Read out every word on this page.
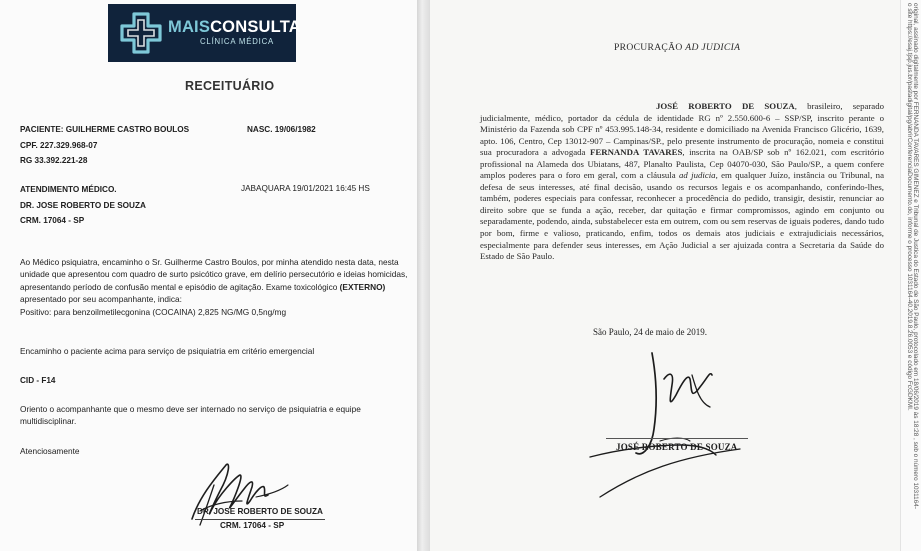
MAISCONSULTA
CLÍNICA MÉDICA
RECEITUÁRIO
PACIENTE: GUILHERME CASTRO BOULOS	NASC. 19/06/1982
CPF. 227.329.968-07
RG 33.392.221-28
ATENDIMENTO MÉDICO.	JABAQUARA 19/01/2021 16:45 HS
DR. JOSE ROBERTO DE SOUZA
CRM. 17064 - SP
Ao Médico psiquiatra, encaminho o Sr. Guilherme Castro Boulos, por minha atendido nesta data, nesta unidade que apresentou com quadro de surto psicótico grave, em delírio persecutório e ideias homicidas, apresentando período de confusão mental e episódio de agitação. Exame toxicológico (EXTERNO) apresentado por seu acompanhante, indica:
Positivo: para benzoilmetilecgonina (COCAINA) 2,825 NG/MG 0,5ng/mg
Encaminho o paciente acima para serviço de psiquiatria em critério emergencial
CID - F14
Oriento o acompanhante que o mesmo deve ser internado no serviço de psiquiatria e equipe multidisciplinar.
Atenciosamente
DR. JOSE ROBERTO DE SOUZA
CRM. 17064 - SP
PROCURAÇÃO AD JUDICIA
JOSÉ ROBERTO DE SOUZA, brasileiro, separado judicialmente, médico, portador da cédula de identidade RG nº 2.550.600-6 – SSP/SP, inscrito perante o Ministério da Fazenda sob CPF nº 453.995.148-34, residente e domiciliado na Avenida Francisco Glicério, 1639, apto. 106, Centro, Cep 13012-907 – Campinas/SP., pelo presente instrumento de procuração, nomeia e constitui sua procuradora a advogada FERNANDA TAVARES, inscrita na OAB/SP sob nº 162.021, com escritório profissional na Alameda dos Ubiatans, 487, Planalto Paulista, Cep 04070-030, São Paulo/SP., a quem confere amplos poderes para o foro em geral, com a cláusula ad judicia, em qualquer Juízo, instância ou Tribunal, na defesa de seus interesses, até final decisão, usando os recursos legais e os acompanhando, conferindo-lhes, também, poderes especiais para confessar, reconhecer a procedência do pedido, transigir, desistir, renunciar ao direito sobre que se funda a ação, receber, dar quitação e firmar compromissos, agindo em conjunto ou separadamente, podendo, ainda, substabelecer esta em outrem, com ou sem reservas de iguais poderes, dando tudo por bom, firme e valioso, praticando, enfim, todos os demais atos judiciais e extrajudiciais necessários, especialmente para defender seus interesses, em Ação Judicial a ser ajuizada contra a Secretaria da Saúde do Estado de São Paulo.
São Paulo, 24 de maio de 2019.
JOSÉ ROBERTO DE SOUZA	original, assinado digitalmente por FERNANDA TAVARES GIMENEZ e Tribunal de Justica do Estado de São Paulo, protocolado em 18/06/2019 às 18:28 , sob o número 1031164-
o site https://esaj.tjsp.jus.br/pastadigital/pg/abrirConferenciaDocumento.do, informe o processo 1031164-40.2019.8.26.0053 e código FcGDKMI.
